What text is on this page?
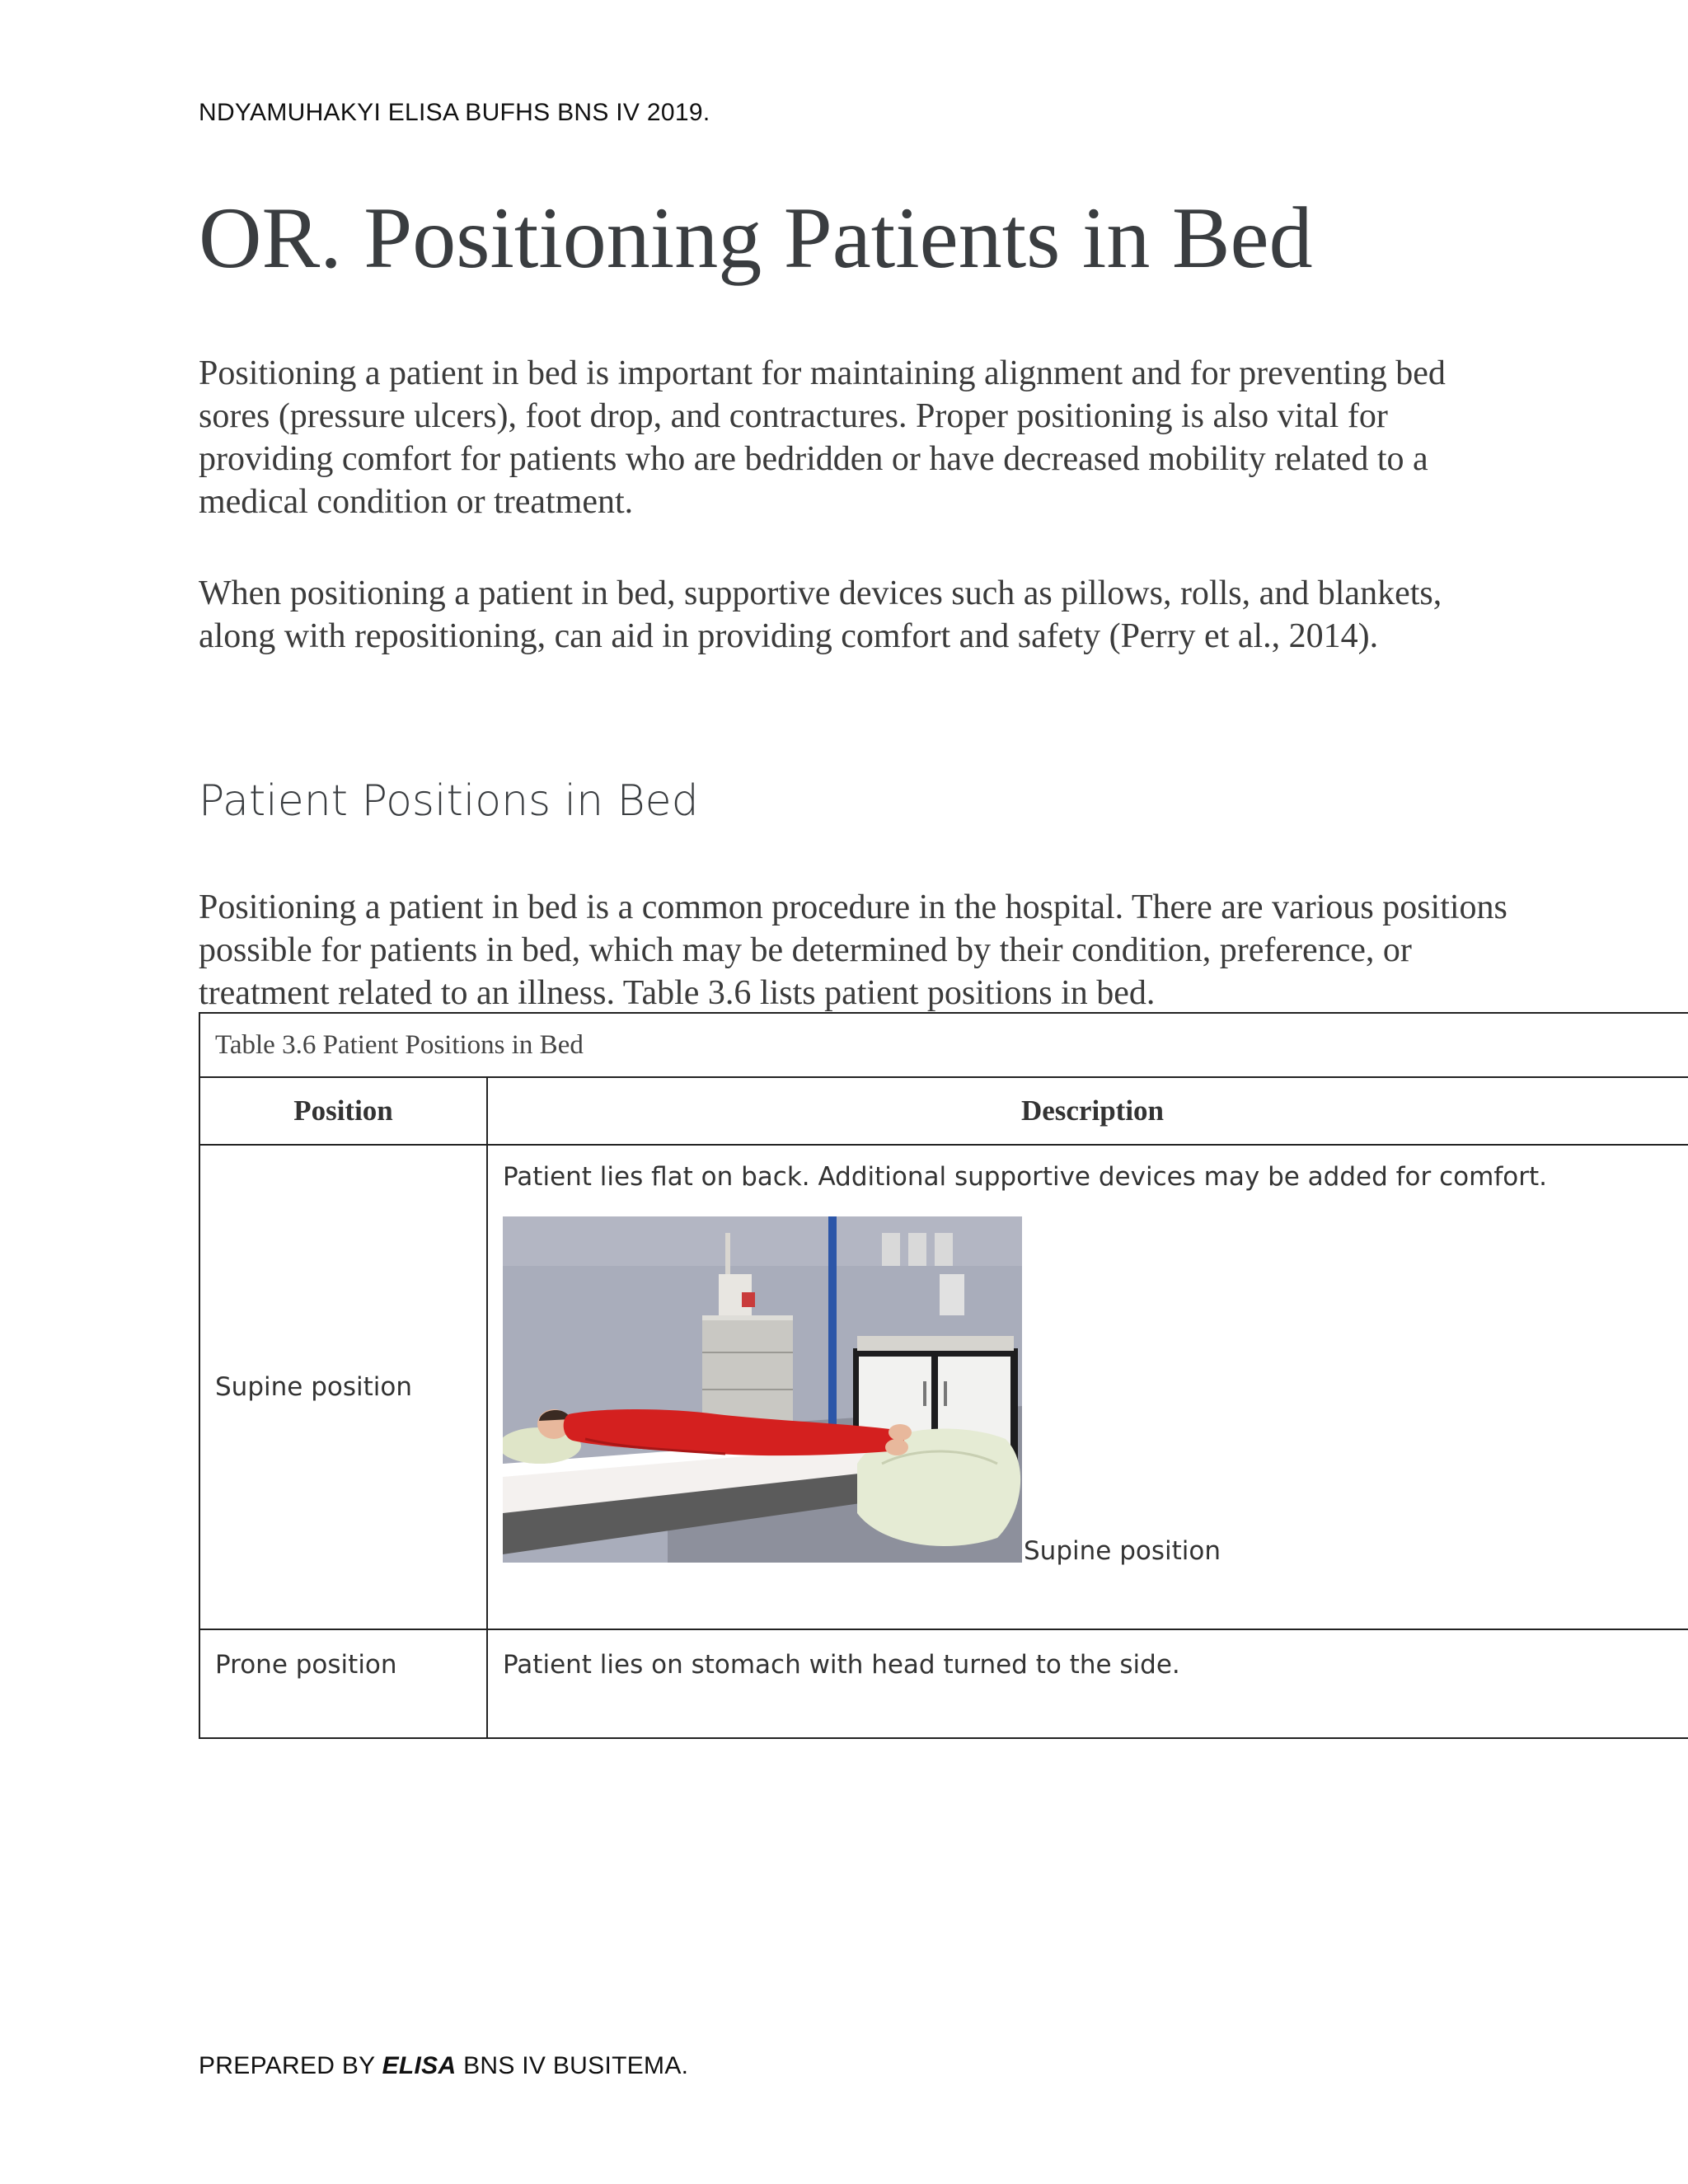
NDYAMUHAKYI ELISA BUFHS BNS IV 2019.
OR. Positioning Patients in Bed

Positioning a patient in bed is important for maintaining alignment and for preventing bed sores (pressure ulcers), foot drop, and contractures. Proper positioning is also vital for providing comfort for patients who are bedridden or have decreased mobility related to a medical condition or treatment.

When positioning a patient in bed, supportive devices such as pillows, rolls, and blankets, along with repositioning, can aid in providing comfort and safety (Perry et al., 2014).

Patient Positions in Bed

Positioning a patient in bed is a common procedure in the hospital. There are various positions possible for patients in bed, which may be determined by their condition, preference, or treatment related to an illness. Table 3.6 lists patient positions in bed.

Table 3.6 Patient Positions in Bed	
Position	Description
Supine position	Patient lies flat on back. Additional supportive devices may be added for comfort.
Supine position

Prone position	Patient lies on stomach with head turned to the side.
PREPARED BY ELISA BNS IV BUSITEMA.
